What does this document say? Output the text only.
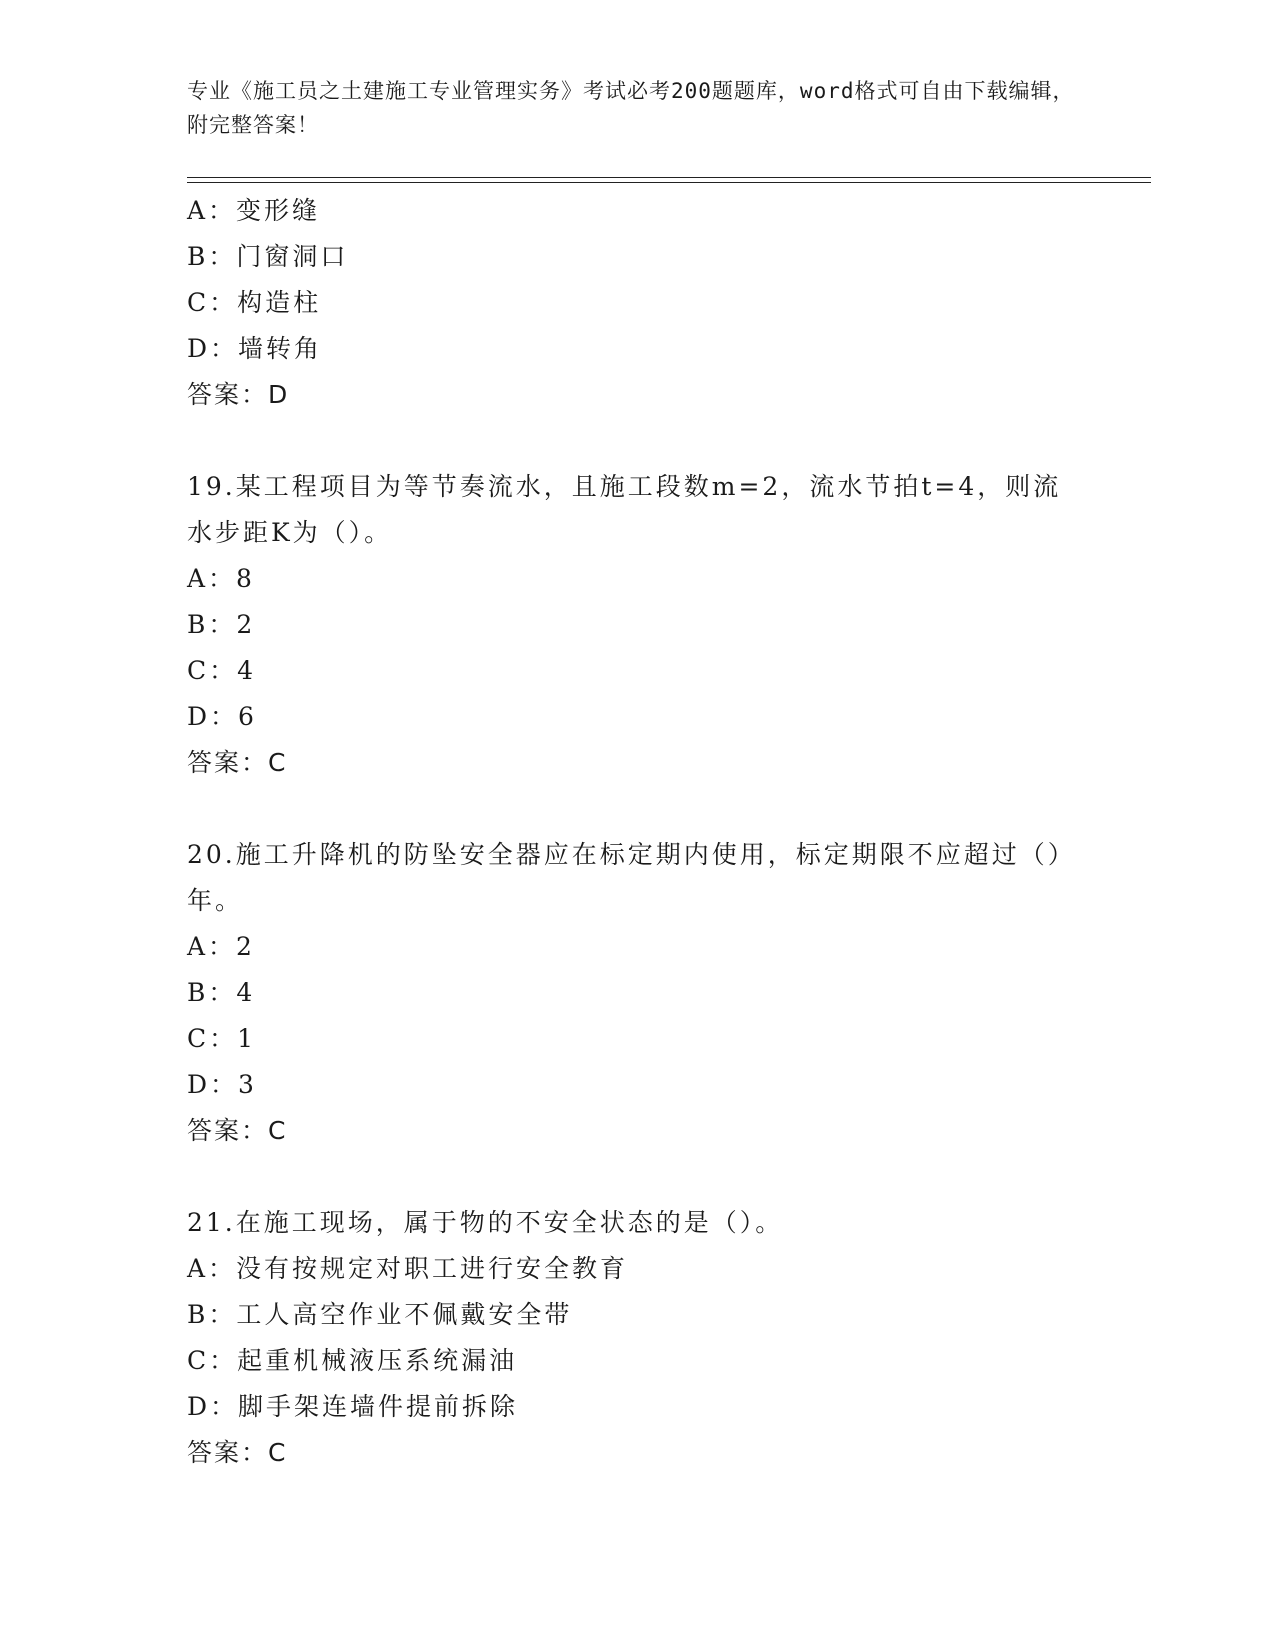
专业《施工员之土建施工专业管理实务》考试必考200题题库，word格式可自由下载编辑，附完整答案！
A：变形缝
B：门窗洞口
C：构造柱
D：墙转角
答案：D
19.某工程项目为等节奏流水，且施工段数m=2，流水节拍t=4，则流水步距K为（）。
A：8
B：2
C：4
D：6
答案：C
20.施工升降机的防坠安全器应在标定期内使用，标定期限不应超过（）年。
A：2
B：4
C：1
D：3
答案：C
21.在施工现场，属于物的不安全状态的是（）。
A：没有按规定对职工进行安全教育
B：工人高空作业不佩戴安全带
C：起重机械液压系统漏油
D：脚手架连墙件提前拆除
答案：C
